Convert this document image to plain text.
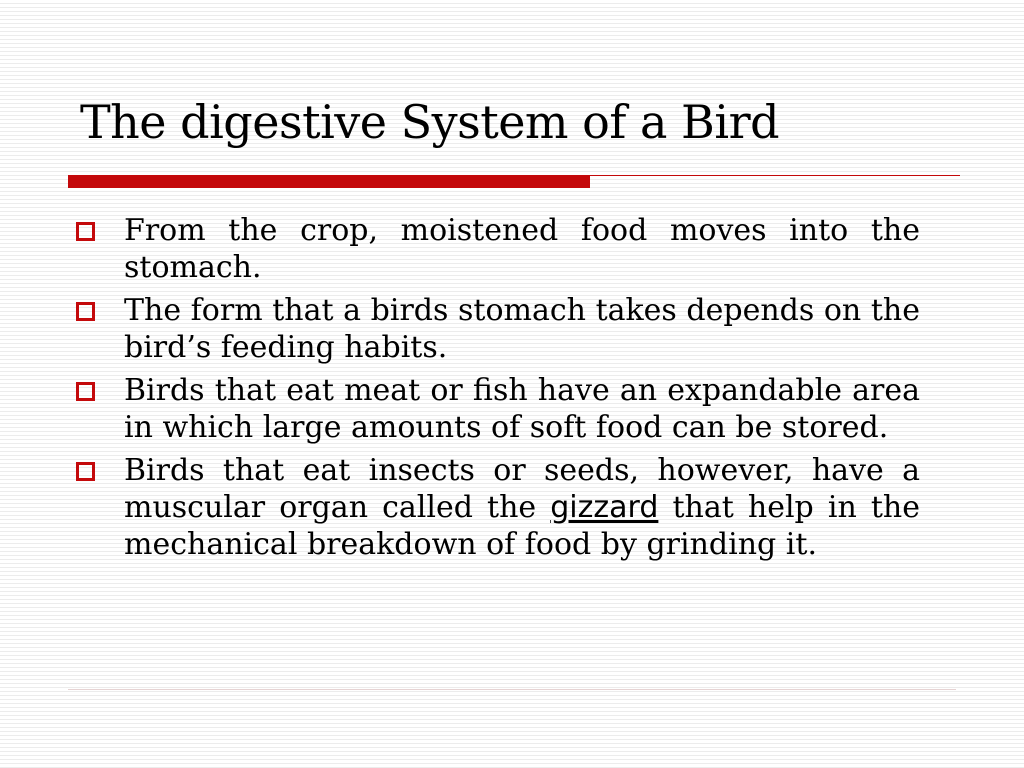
The digestive System of a Bird
From the crop, moistened food moves into the stomach.
The form that a birds stomach takes depends on the bird’s feeding habits.
Birds that eat meat or fish have an expandable area in which large amounts of soft food can be stored.
Birds that eat insects or seeds, however, have a muscular organ called the gizzard that help in the mechanical breakdown of food by grinding it.
